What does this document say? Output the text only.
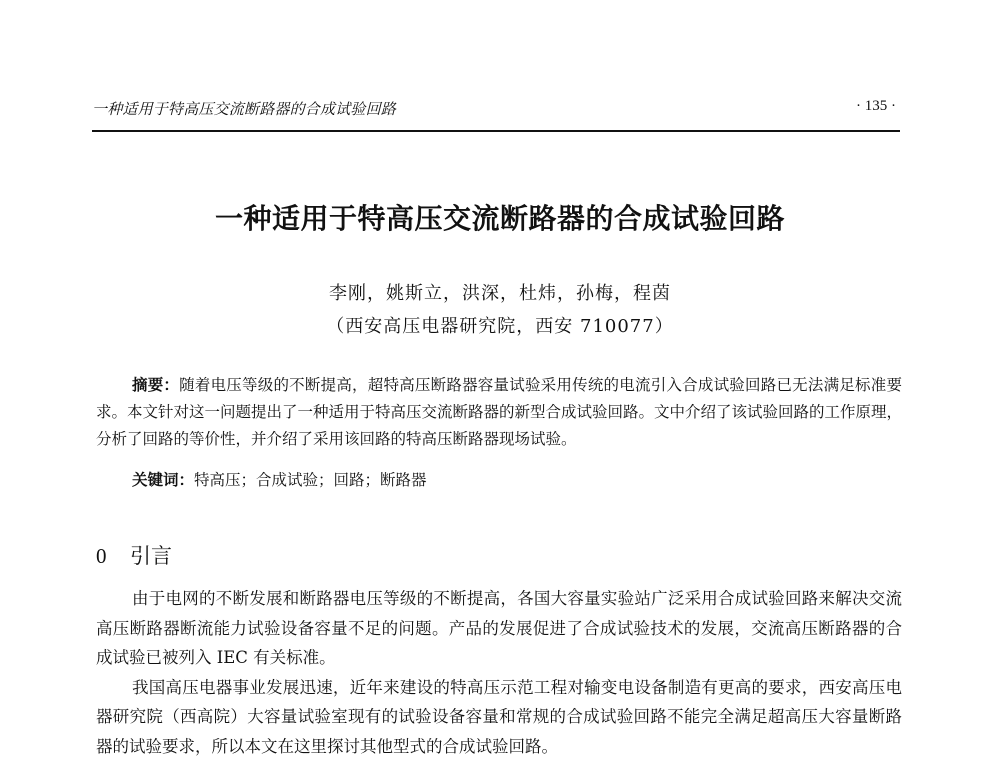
一种适用于特高压交流断路器的合成试验回路	· 135 ·
一种适用于特高压交流断路器的合成试验回路
李刚，姚斯立，洪深，杜炜，孙梅，程茵
（西安高压电器研究院，西安 710077）

摘要：随着电压等级的不断提高，超特高压断路器容量试验采用传统的电流引入合成试验回路已无法满足标准要求。本文针对这一问题提出了一种适用于特高压交流断路器的新型合成试验回路。文中介绍了该试验回路的工作原理，分析了回路的等价性，并介绍了采用该回路的特高压断路器现场试验。

关键词：特高压；合成试验；回路；断路器
0 引言

由于电网的不断发展和断路器电压等级的不断提高，各国大容量实验站广泛采用合成试验回路来解决交流高压断路器断流能力试验设备容量不足的问题。产品的发展促进了合成试验技术的发展，交流高压断路器的合成试验已被列入 IEC 有关标准。

我国高压电器事业发展迅速，近年来建设的特高压示范工程对输变电设备制造有更高的要求，西安高压电器研究院（西高院）大容量试验室现有的试验设备容量和常规的合成试验回路不能完全满足超高压大容量断路器的试验要求，所以本文在这里探讨其他型式的合成试验回路。
